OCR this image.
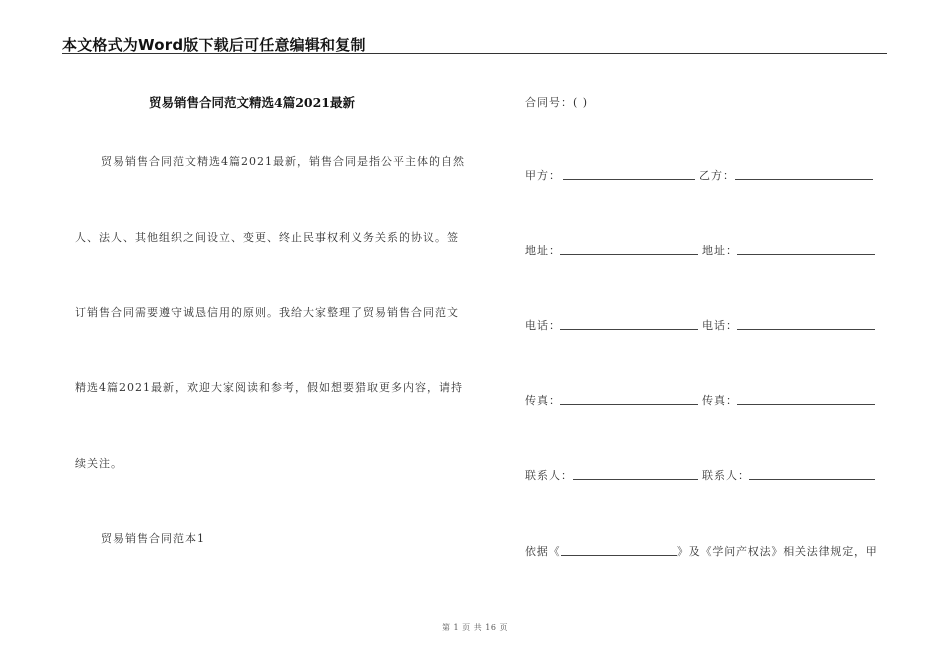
本文格式为Word版下载后可任意编辑和复制
贸易销售合同范文精选4篇2021最新
贸易销售合同范文精选4篇2021最新，销售合同是指公平主体的自然
人、法人、其他组织之间设立、变更、终止民事权利义务关系的协议。签
订销售合同需要遵守诚恳信用的原则。我给大家整理了贸易销售合同范文
精选4篇2021最新，欢迎大家阅读和参考，假如想要猎取更多内容，请持
续关注。
贸易销售合同范本1
合同号：( )
甲方：	乙方：
地址：	地址：
电话：	电话：
传真：	传真：
联系人：	联系人：
依据《	》及《学问产权法》相关法律规定，甲
第 1 页 共 16 页
